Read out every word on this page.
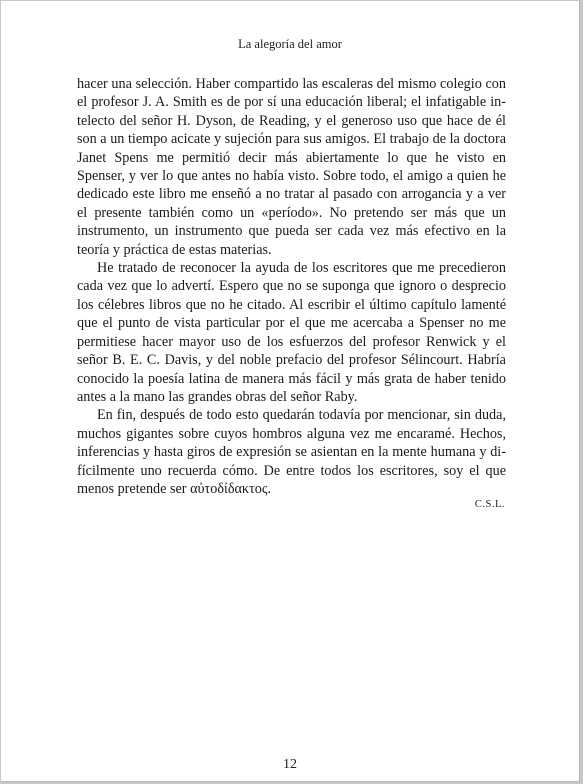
La alegoría del amor

hacer una selección. Haber compartido las escaleras del mismo colegio con el profesor J. A. Smith es de por sí una educación liberal; el infatigable intelecto del señor H. Dyson, de Reading, y el generoso uso que hace de él son a un tiempo acicate y sujeción para sus amigos. El trabajo de la doctora Janet Spens me permitió decir más abiertamente lo que he visto en Spenser, y ver lo que antes no había visto. Sobre todo, el amigo a quien he dedicado este libro me enseñó a no tratar al pasado con arrogancia y a ver el presente también como un «período». No pretendo ser más que un instrumento, un instrumento que pueda ser cada vez más efectivo en la teoría y práctica de estas materias.

He tratado de reconocer la ayuda de los escritores que me precedieron cada vez que lo advertí. Espero que no se suponga que ignoro o desprecio los célebres libros que no he citado. Al escribir el último capítulo lamenté que el punto de vista particular por el que me acercaba a Spenser no me permitiese hacer mayor uso de los esfuerzos del profesor Renwick y el señor B. E. C. Davis, y del noble prefacio del profesor Sélincourt. Habría conocido la poesía latina de manera más fácil y más grata de haber tenido antes a la mano las grandes obras del señor Raby.

En fin, después de todo esto quedarán todavía por mencionar, sin duda, muchos gigantes sobre cuyos hombros alguna vez me encaramé. Hechos, inferencias y hasta giros de expresión se asientan en la mente humana y difícilmente uno recuerda cómo. De entre todos los escritores, soy el que menos pretende ser αὐτοδίδακτος.

C.S.L.
12
